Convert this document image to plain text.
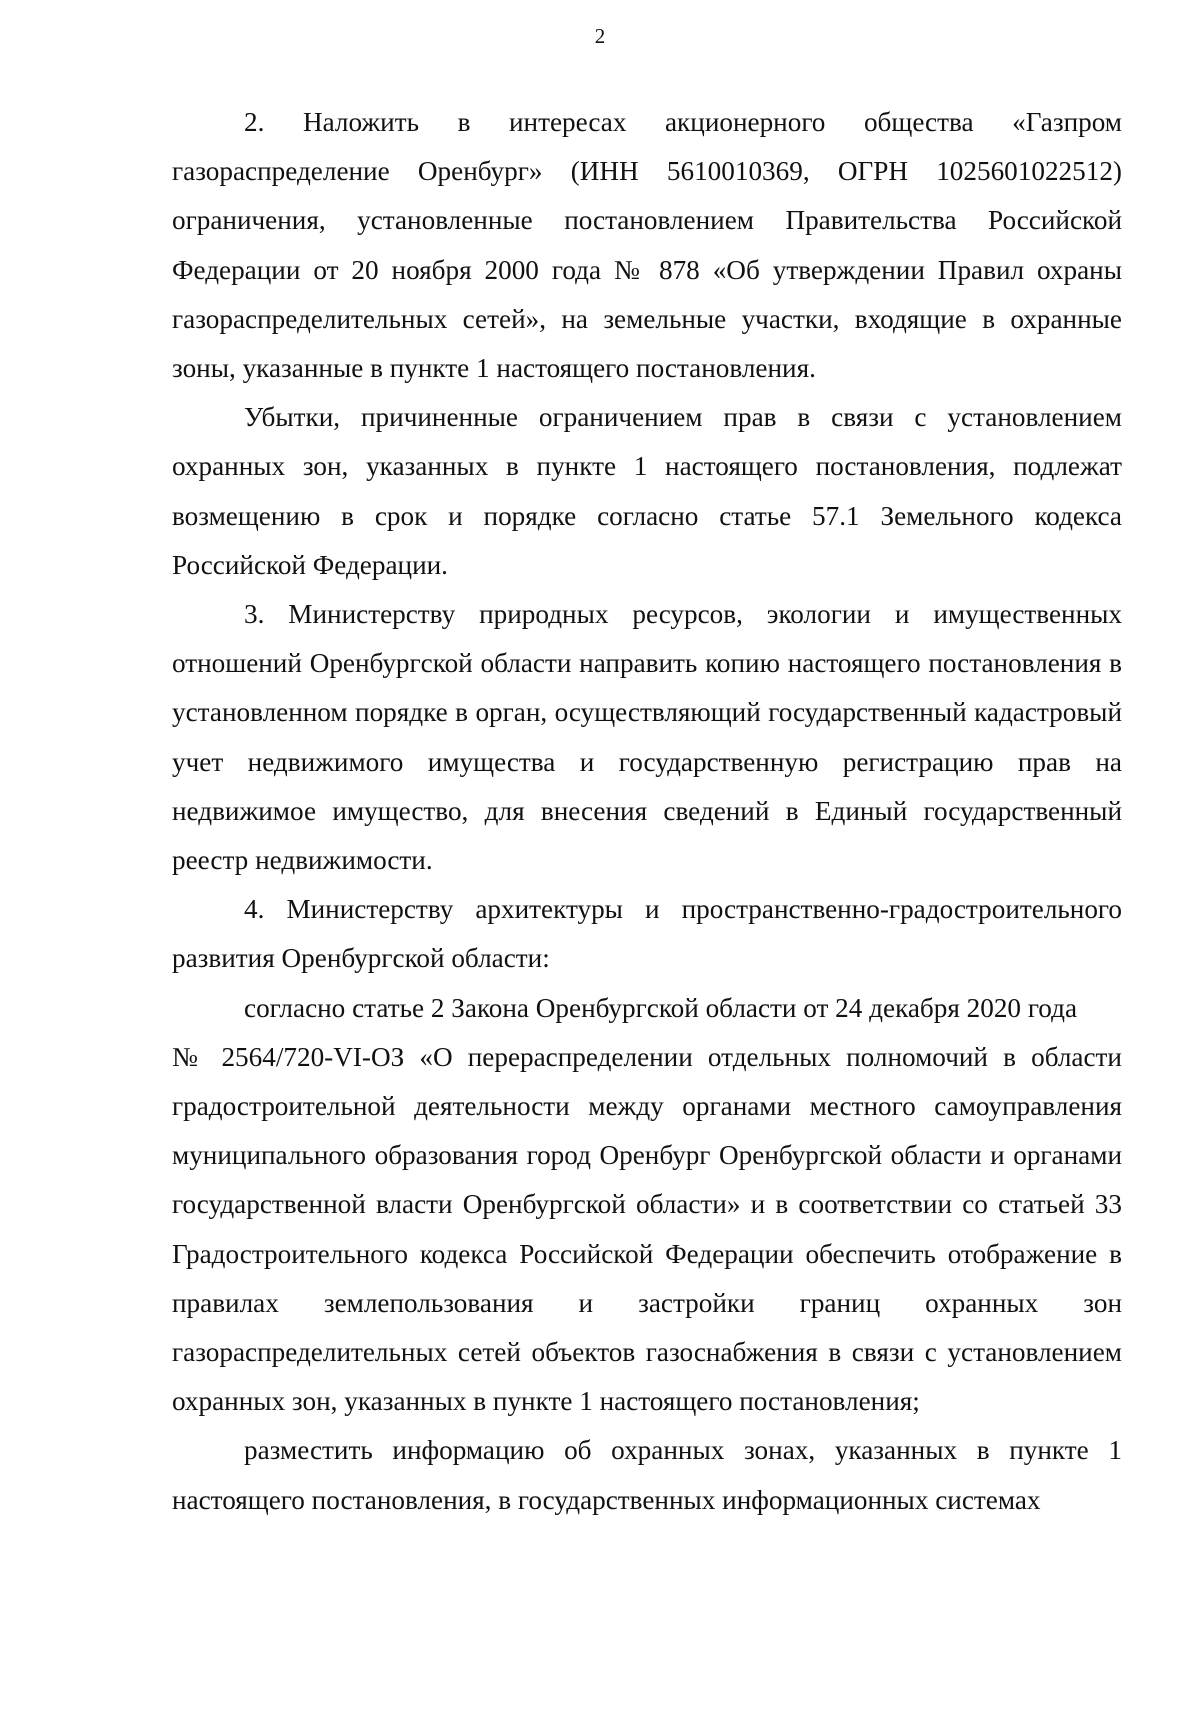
2

2. Наложить в интересах акционерного общества «Газпром газораспределение Оренбург» (ИНН 5610010369, ОГРН 1025601022512) ограничения, установленные постановлением Правительства Российской Федерации от 20 ноября 2000 года № 878 «Об утверждении Правил охраны газораспределительных сетей», на земельные участки, входящие в охранные зоны, указанные в пункте 1 настоящего постановления.

Убытки, причиненные ограничением прав в связи с установлением охранных зон, указанных в пункте 1 настоящего постановления, подлежат возмещению в срок и порядке согласно статье 57.1 Земельного кодекса Российской Федерации.

3. Министерству природных ресурсов, экологии и имущественных отношений Оренбургской области направить копию настоящего постановления в установленном порядке в орган, осуществляющий государственный кадастровый учет недвижимого имущества и государственную регистрацию прав на недвижимое имущество, для внесения сведений в Единый государственный реестр недвижимости.

4. Министерству архитектуры и пространственно-градостроительного развития Оренбургской области:

согласно статье 2 Закона Оренбургской области от 24 декабря 2020 года

№ 2564/720-VI-ОЗ «О перераспределении отдельных полномочий в области градостроительной деятельности между органами местного самоуправления муниципального образования город Оренбург Оренбургской области и органами государственной власти Оренбургской области» и в соответствии со статьей 33 Градостроительного кодекса Российской Федерации обеспечить отображение в правилах землепользования и застройки границ охранных зон газораспределительных сетей объектов газоснабжения в связи с установлением охранных зон, указанных в пункте 1 настоящего постановления;

разместить информацию об охранных зонах, указанных в пункте 1 настоящего постановления, в государственных информационных системах
